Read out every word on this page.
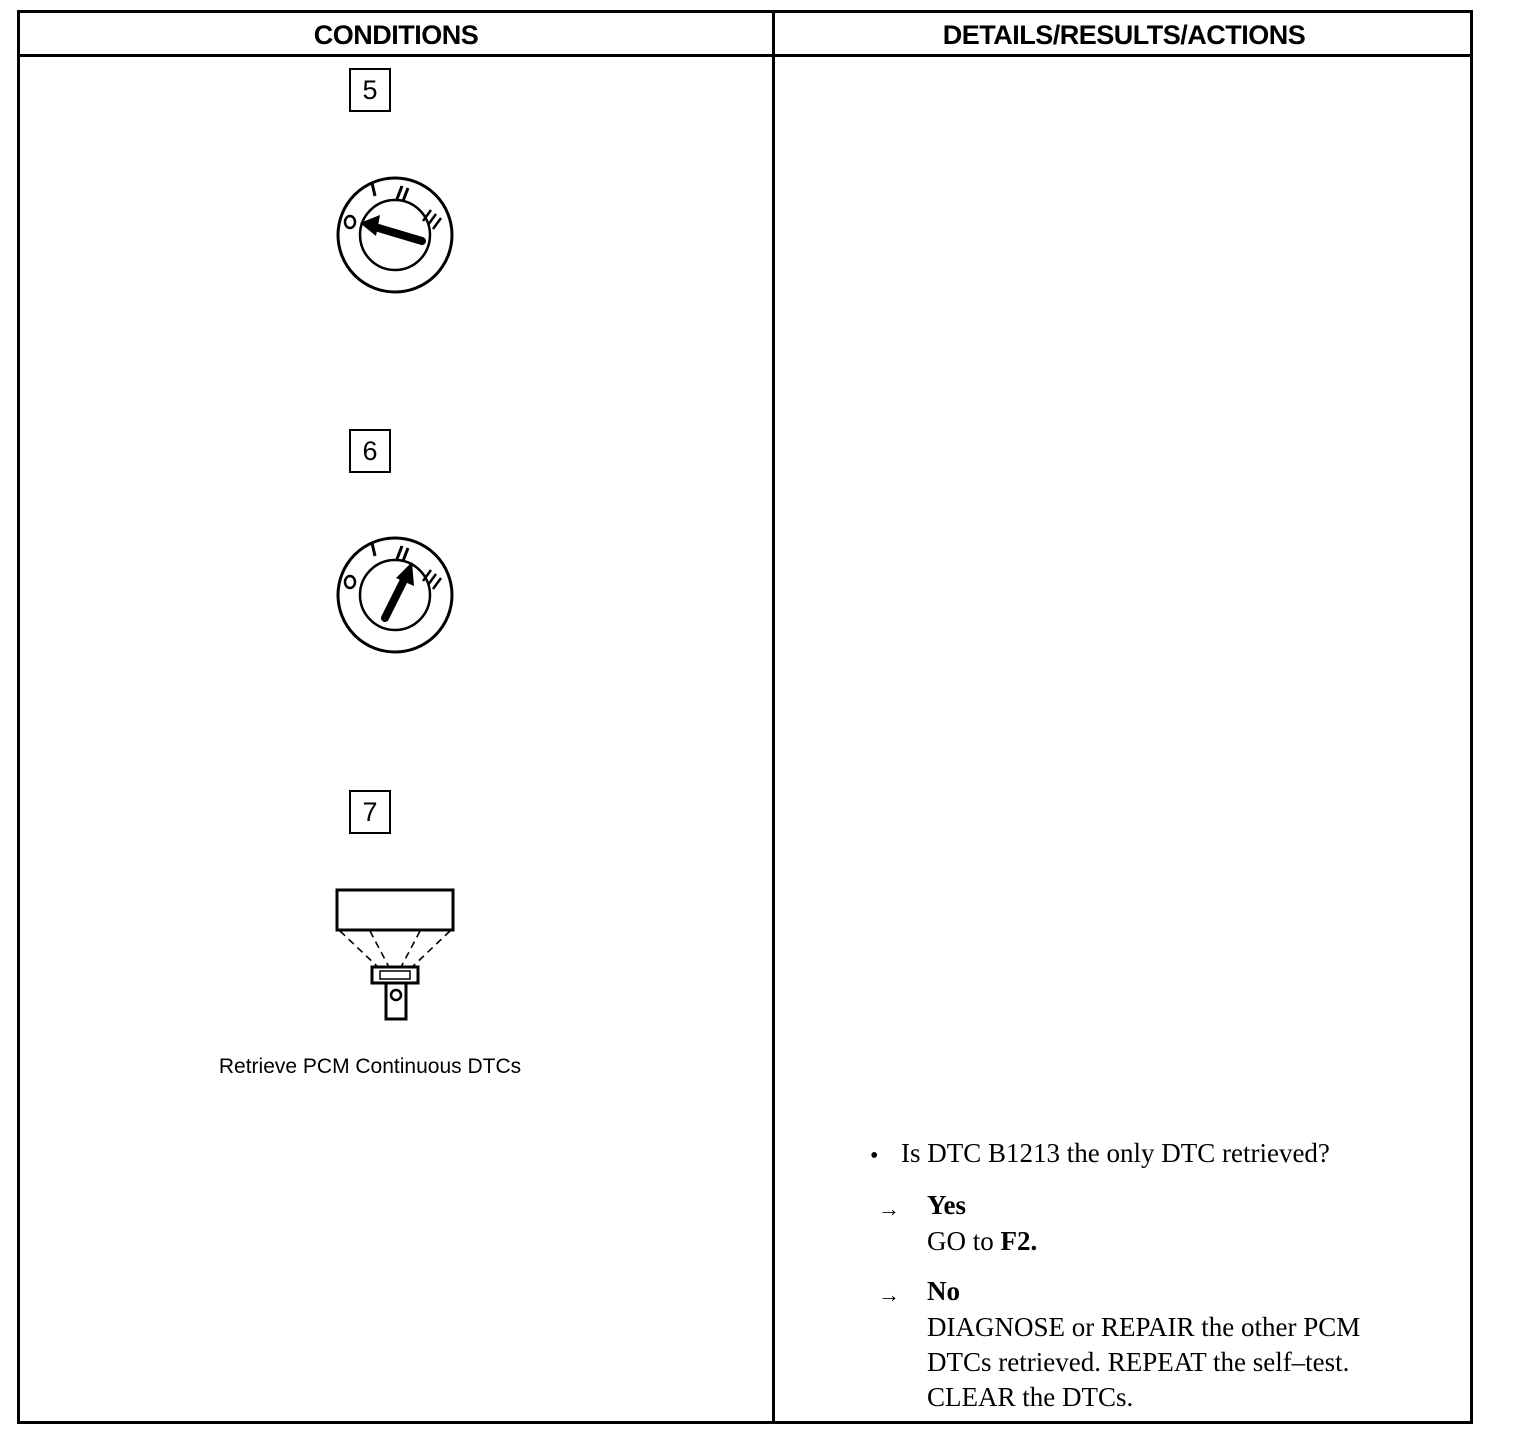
CONDITIONS	DETAILS/RESULTS/ACTIONS
5
6
7
Retrieve PCM Continuous DTCs
• Is DTC B1213 the only DTC retrieved?
→ Yes
GO to F2.
→ No
DIAGNOSE or REPAIR the other PCM
DTCs retrieved. REPEAT the self–test.
CLEAR the DTCs.
